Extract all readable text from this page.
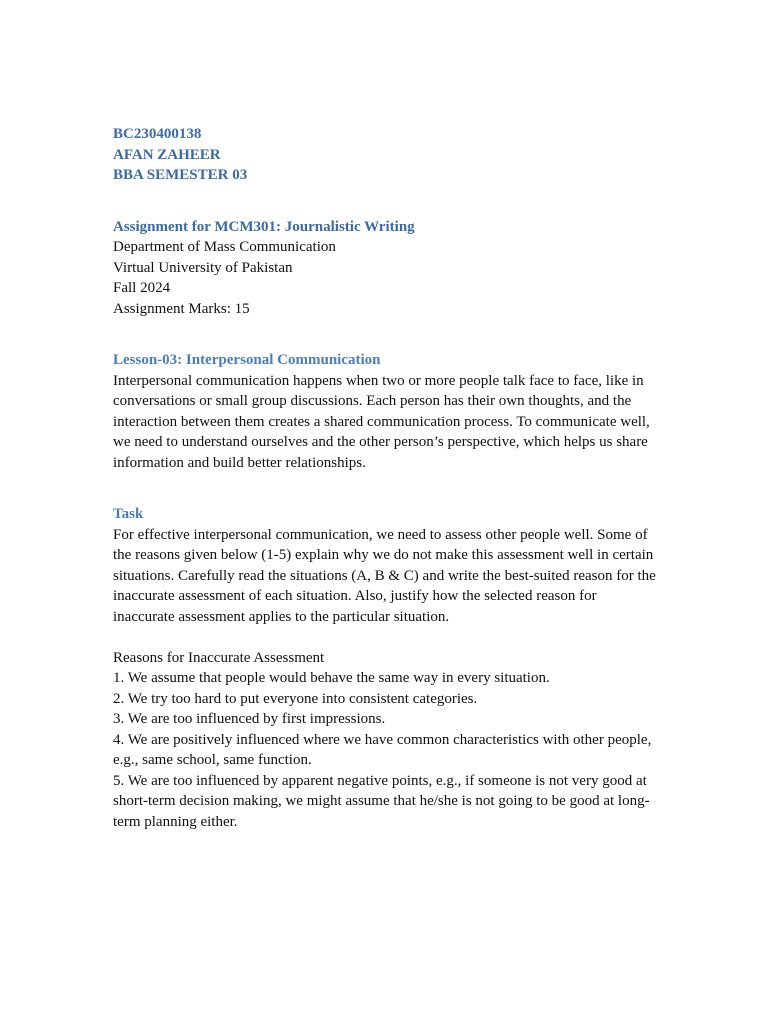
BC230400138

AFAN ZAHEER

BBA SEMESTER 03

Assignment for MCM301: Journalistic Writing

Department of Mass Communication

Virtual University of Pakistan

Fall 2024

Assignment Marks: 15

Lesson-03: Interpersonal Communication

Interpersonal communication happens when two or more people talk face to face, like in conversations or small group discussions. Each person has their own thoughts, and the interaction between them creates a shared communication process. To communicate well, we need to understand ourselves and the other person’s perspective, which helps us share information and build better relationships.

Task

For effective interpersonal communication, we need to assess other people well. Some of the reasons given below (1-5) explain why we do not make this assessment well in certain situations. Carefully read the situations (A, B & C) and write the best-suited reason for the inaccurate assessment of each situation. Also, justify how the selected reason for inaccurate assessment applies to the particular situation.

Reasons for Inaccurate Assessment

1. We assume that people would behave the same way in every situation.

2. We try too hard to put everyone into consistent categories.

3. We are too influenced by first impressions.

4. We are positively influenced where we have common characteristics with other people, e.g., same school, same function.

5. We are too influenced by apparent negative points, e.g., if someone is not very good at short-term decision making, we might assume that he/she is not going to be good at long-term planning either.
